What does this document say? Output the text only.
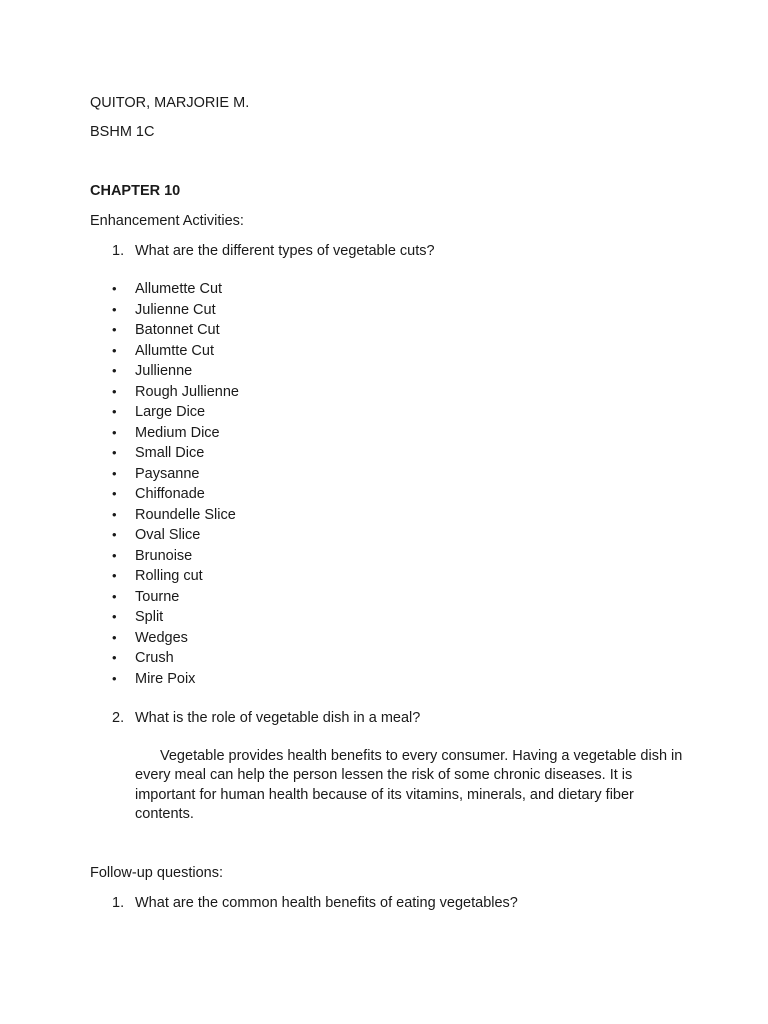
QUITOR, MARJORIE M.
BSHM 1C
CHAPTER 10
Enhancement Activities:
1. What are the different types of vegetable cuts?
• Allumette Cut
• Julienne Cut
• Batonnet Cut
• Allumtte Cut
• Jullienne
• Rough Jullienne
• Large Dice
• Medium Dice
• Small Dice
• Paysanne
• Chiffonade
• Roundelle Slice
• Oval Slice
• Brunoise
• Rolling cut
• Tourne
• Split
• Wedges
• Crush
• Mire Poix
2. What is the role of vegetable dish in a meal?
Vegetable provides health benefits to every consumer. Having a vegetable dish in every meal can help the person lessen the risk of some chronic diseases. It is important for human health because of its vitamins, minerals, and dietary fiber contents.
Follow-up questions:
1. What are the common health benefits of eating vegetables?
